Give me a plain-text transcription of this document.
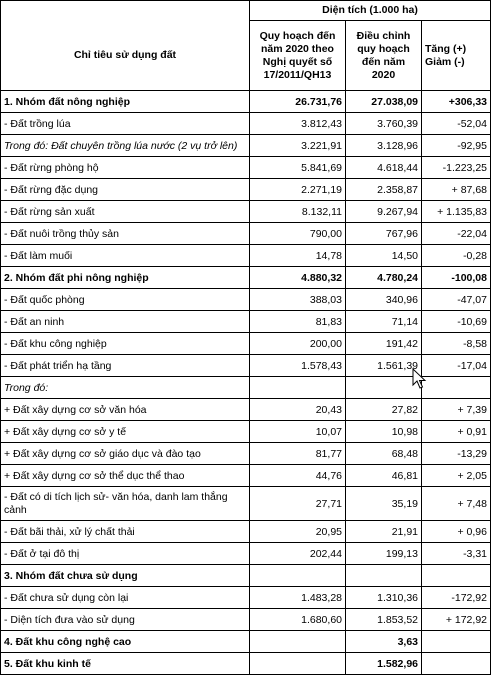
	Diện tích (1.000 ha)		
Chỉ tiêu sử dụng đất	Quy hoạch đến năm 2020 theo Nghị quyết số 17/2011/QH13	Điều chỉnh quy hoạch đến năm 2020	Tăng (+) Giảm (-)
1. Nhóm đất nông nghiệp	26.731,76	27.038,09	+306,33
- Đất trồng lúa	3.812,43	3.760,39	-52,04
Trong đó: Đất chuyên trồng lúa nước (2 vụ trở lên)	3.221,91	3.128,96	-92,95
- Đất rừng phòng hộ	5.841,69	4.618,44	-1.223,25
- Đất rừng đặc dụng	2.271,19	2.358,87	+ 87,68
- Đất rừng sản xuất	8.132,11	9.267,94	+ 1.135,83
- Đất nuôi trồng thủy sản	790,00	767,96	-22,04
- Đất làm muối	14,78	14,50	-0,28
2. Nhóm đất phi nông nghiệp	4.880,32	4.780,24	-100,08
- Đất quốc phòng	388,03	340,96	-47,07
- Đất an ninh	81,83	71,14	-10,69
- Đất khu công nghiệp	200,00	191,42	-8,58
- Đất phát triển hạ tầng	1.578,43	1.561,39	-17,04
Trong đó:			
+ Đất xây dựng cơ sở văn hóa	20,43	27,82	+ 7,39
+ Đất xây dựng cơ sở y tế	10,07	10,98	+ 0,91
+ Đất xây dựng cơ sở giáo dục và đào tạo	81,77	68,48	-13,29
+ Đất xây dựng cơ sở thể dục thể thao	44,76	46,81	+ 2,05
- Đất có di tích lịch sử- văn hóa, danh lam thắng cảnh	27,71	35,19	+ 7,48
- Đất bãi thải, xử lý chất thải	20,95	21,91	+ 0,96
- Đất ở tại đô thị	202,44	199,13	-3,31
3. Nhóm đất chưa sử dụng			
- Đất chưa sử dụng còn lại	1.483,28	1.310,36	-172,92
- Diện tích đưa vào sử dụng	1.680,60	1.853,52	+ 172,92
4. Đất khu công nghệ cao		3,63	
5. Đất khu kinh tế		1.582,96	
